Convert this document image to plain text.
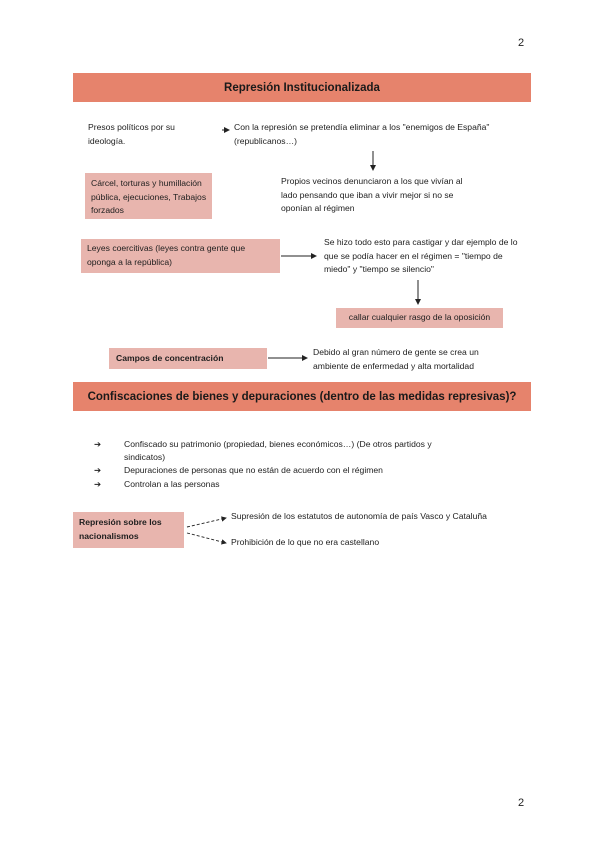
2
2
Represión Institucionalizada
Presos políticos por su ideología.
Con la represión se pretendía eliminar a los "enemigos de España" (republicanos…)
Cárcel, torturas y humillación pública, ejecuciones, Trabajos forzados
Propios vecinos denunciaron a los que vivían al lado pensando que iban a vivir mejor si no se oponían al régimen
Leyes coercitivas (leyes contra gente que oponga a la república)
Se hizo todo esto para castigar y dar ejemplo de lo que se podía hacer en el régimen = "tiempo de miedo" y "tiempo se silencio"
callar cualquier rasgo de la oposición
Campos de concentración
Debido al gran número de gente se crea un ambiente de enfermedad y alta mortalidad
Confiscaciones de bienes y depuraciones (dentro de las medidas represivas)?
➔	Confiscado su patrimonio (propiedad, bienes económicos…) (De otros partidos y sindicatos)
➔	Depuraciones de personas que no están de acuerdo con el régimen
➔	Controlan a las personas
Represión sobre los nacionalismos
Supresión de los estatutos de autonomía de país Vasco y Cataluña
Prohibición de lo que no era castellano
